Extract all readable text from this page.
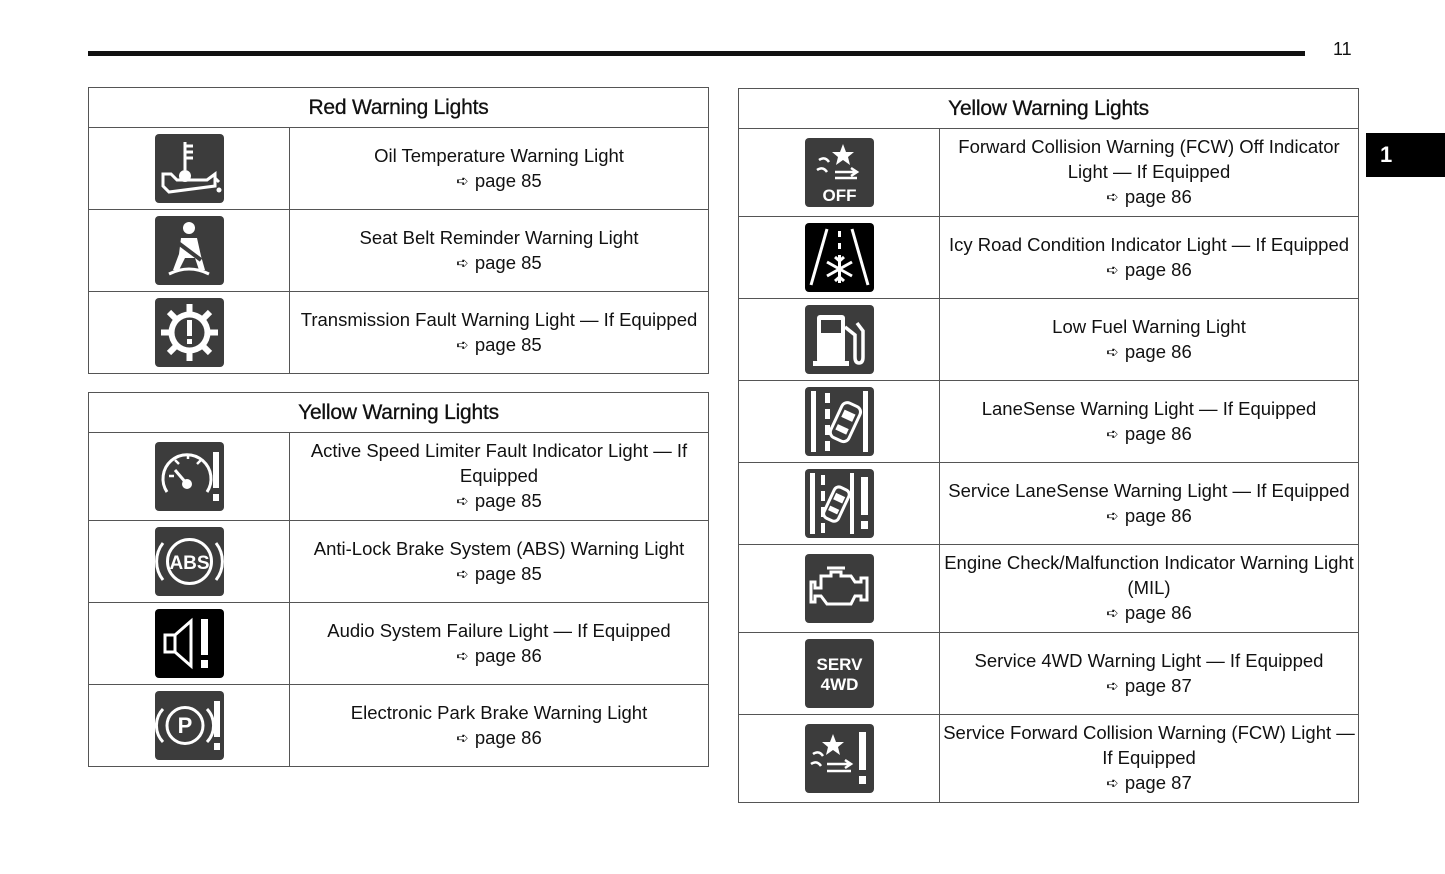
11
1
Red Warning Lights	

Oil Temperature Warning Light
➪ page 85

Seat Belt Reminder Warning Light
➪ page 85

Transmission Fault Warning Light — If Equipped
➪ page 85
Yellow Warning Lights	

Active Speed Limiter Fault Indicator Light — If Equipped
➪ page 85

ABS	Anti-Lock Brake System (ABS) Warning Light
➪ page 85

Audio System Failure Light — If Equipped
➪ page 86

P	Electronic Park Brake Warning Light
➪ page 86
Yellow Warning Lights	

OFF	Forward Collision Warning (FCW) Off Indicator Light — If Equipped
➪ page 86

Icy Road Condition Indicator Light — If Equipped
➪ page 86

Low Fuel Warning Light
➪ page 86

LaneSense Warning Light — If Equipped
➪ page 86

Service LaneSense Warning Light — If Equipped
➪ page 86

Engine Check/Malfunction Indicator Warning Light (MIL)
➪ page 86

SERV
4WD	Service 4WD Warning Light — If Equipped
➪ page 87

Service Forward Collision Warning (FCW) Light — If Equipped
➪ page 87
